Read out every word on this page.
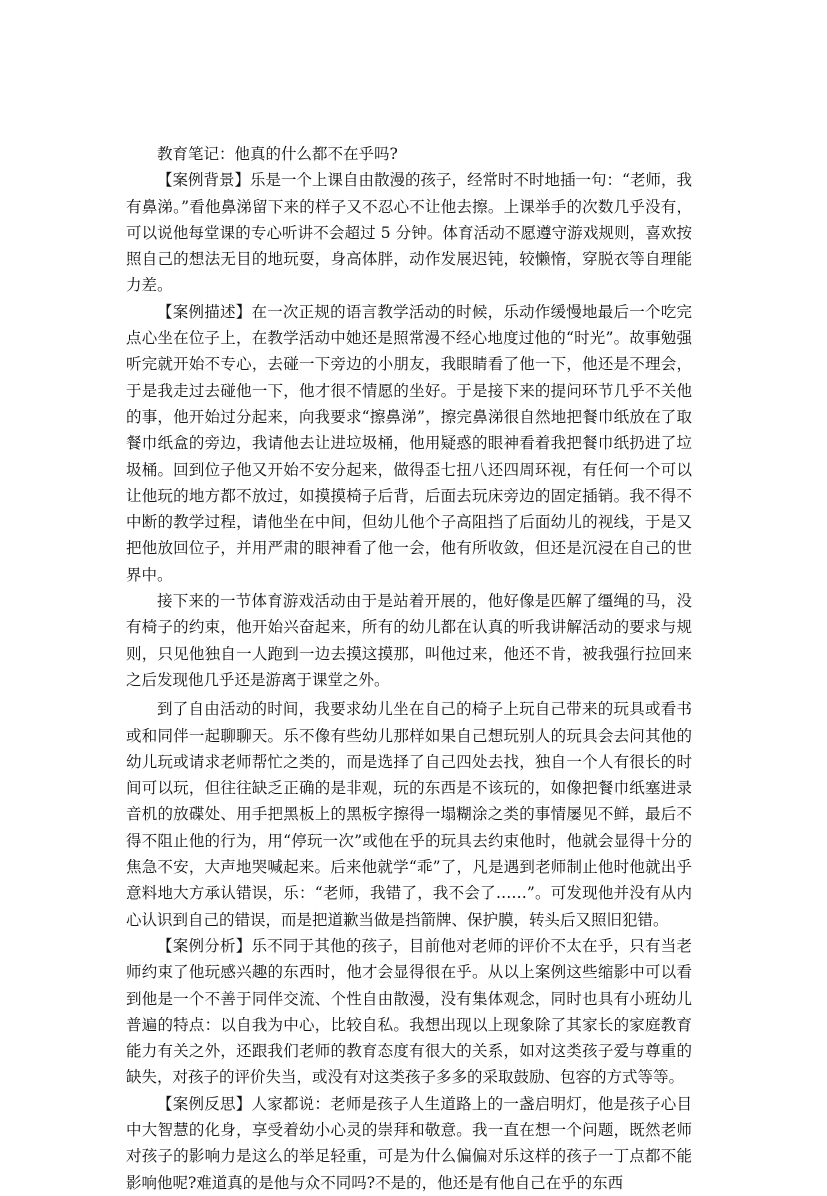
教育笔记：他真的什么都不在乎吗?

【案例背景】乐是一个上课自由散漫的孩子，经常时不时地插一句：“老师，我有鼻涕。”看他鼻涕留下来的样子又不忍心不让他去擦。上课举手的次数几乎没有，可以说他每堂课的专心听讲不会超过 5 分钟。体育活动不愿遵守游戏规则，喜欢按照自己的想法无目的地玩耍，身高体胖，动作发展迟钝，较懒惰，穿脱衣等自理能力差。

【案例描述】在一次正规的语言教学活动的时候，乐动作缓慢地最后一个吃完点心坐在位子上，在教学活动中她还是照常漫不经心地度过他的“时光”。故事勉强听完就开始不专心，去碰一下旁边的小朋友，我眼睛看了他一下，他还是不理会，于是我走过去碰他一下，他才很不情愿的坐好。于是接下来的提问环节几乎不关他的事，他开始过分起来，向我要求“擦鼻涕”，擦完鼻涕很自然地把餐巾纸放在了取餐巾纸盒的旁边，我请他去让进垃圾桶，他用疑惑的眼神看着我把餐巾纸扔进了垃圾桶。回到位子他又开始不安分起来，做得歪七扭八还四周环视，有任何一个可以让他玩的地方都不放过，如摸摸椅子后背，后面去玩床旁边的固定插销。我不得不中断的教学过程，请他坐在中间，但幼儿他个子高阻挡了后面幼儿的视线，于是又把他放回位子，并用严肃的眼神看了他一会，他有所收敛，但还是沉浸在自己的世界中。

接下来的一节体育游戏活动由于是站着开展的，他好像是匹解了缰绳的马，没有椅子的约束，他开始兴奋起来，所有的幼儿都在认真的听我讲解活动的要求与规则，只见他独自一人跑到一边去摸这摸那，叫他过来，他还不肯，被我强行拉回来之后发现他几乎还是游离于课堂之外。

到了自由活动的时间，我要求幼儿坐在自己的椅子上玩自己带来的玩具或看书或和同伴一起聊聊天。乐不像有些幼儿那样如果自己想玩别人的玩具会去问其他的幼儿玩或请求老师帮忙之类的，而是选择了自己四处去找，独自一个人有很长的时间可以玩，但往往缺乏正确的是非观，玩的东西是不该玩的，如像把餐巾纸塞进录音机的放碟处、用手把黑板上的黑板字擦得一塌糊涂之类的事情屡见不鲜，最后不得不阻止他的行为，用“停玩一次”或他在乎的玩具去约束他时，他就会显得十分的焦急不安，大声地哭喊起来。后来他就学“乖”了，凡是遇到老师制止他时他就出乎意料地大方承认错误，乐：“老师，我错了，我不会了……”。可发现他并没有从内心认识到自己的错误，而是把道歉当做是挡箭牌、保护膜，转头后又照旧犯错。

【案例分析】乐不同于其他的孩子，目前他对老师的评价不太在乎，只有当老师约束了他玩感兴趣的东西时，他才会显得很在乎。从以上案例这些缩影中可以看到他是一个不善于同伴交流、个性自由散漫，没有集体观念，同时也具有小班幼儿普遍的特点：以自我为中心，比较自私。我想出现以上现象除了其家长的家庭教育能力有关之外，还跟我们老师的教育态度有很大的关系，如对这类孩子爱与尊重的缺失，对孩子的评价失当，或没有对这类孩子多多的采取鼓励、包容的方式等等。

【案例反思】人家都说：老师是孩子人生道路上的一盏启明灯，他是孩子心目中大智慧的化身，享受着幼小心灵的崇拜和敬意。我一直在想一个问题，既然老师对孩子的影响力是这么的举足轻重，可是为什么偏偏对乐这样的孩子一丁点都不能影响他呢?难道真的是他与众不同吗?不是的，他还是有他自己在乎的东西
